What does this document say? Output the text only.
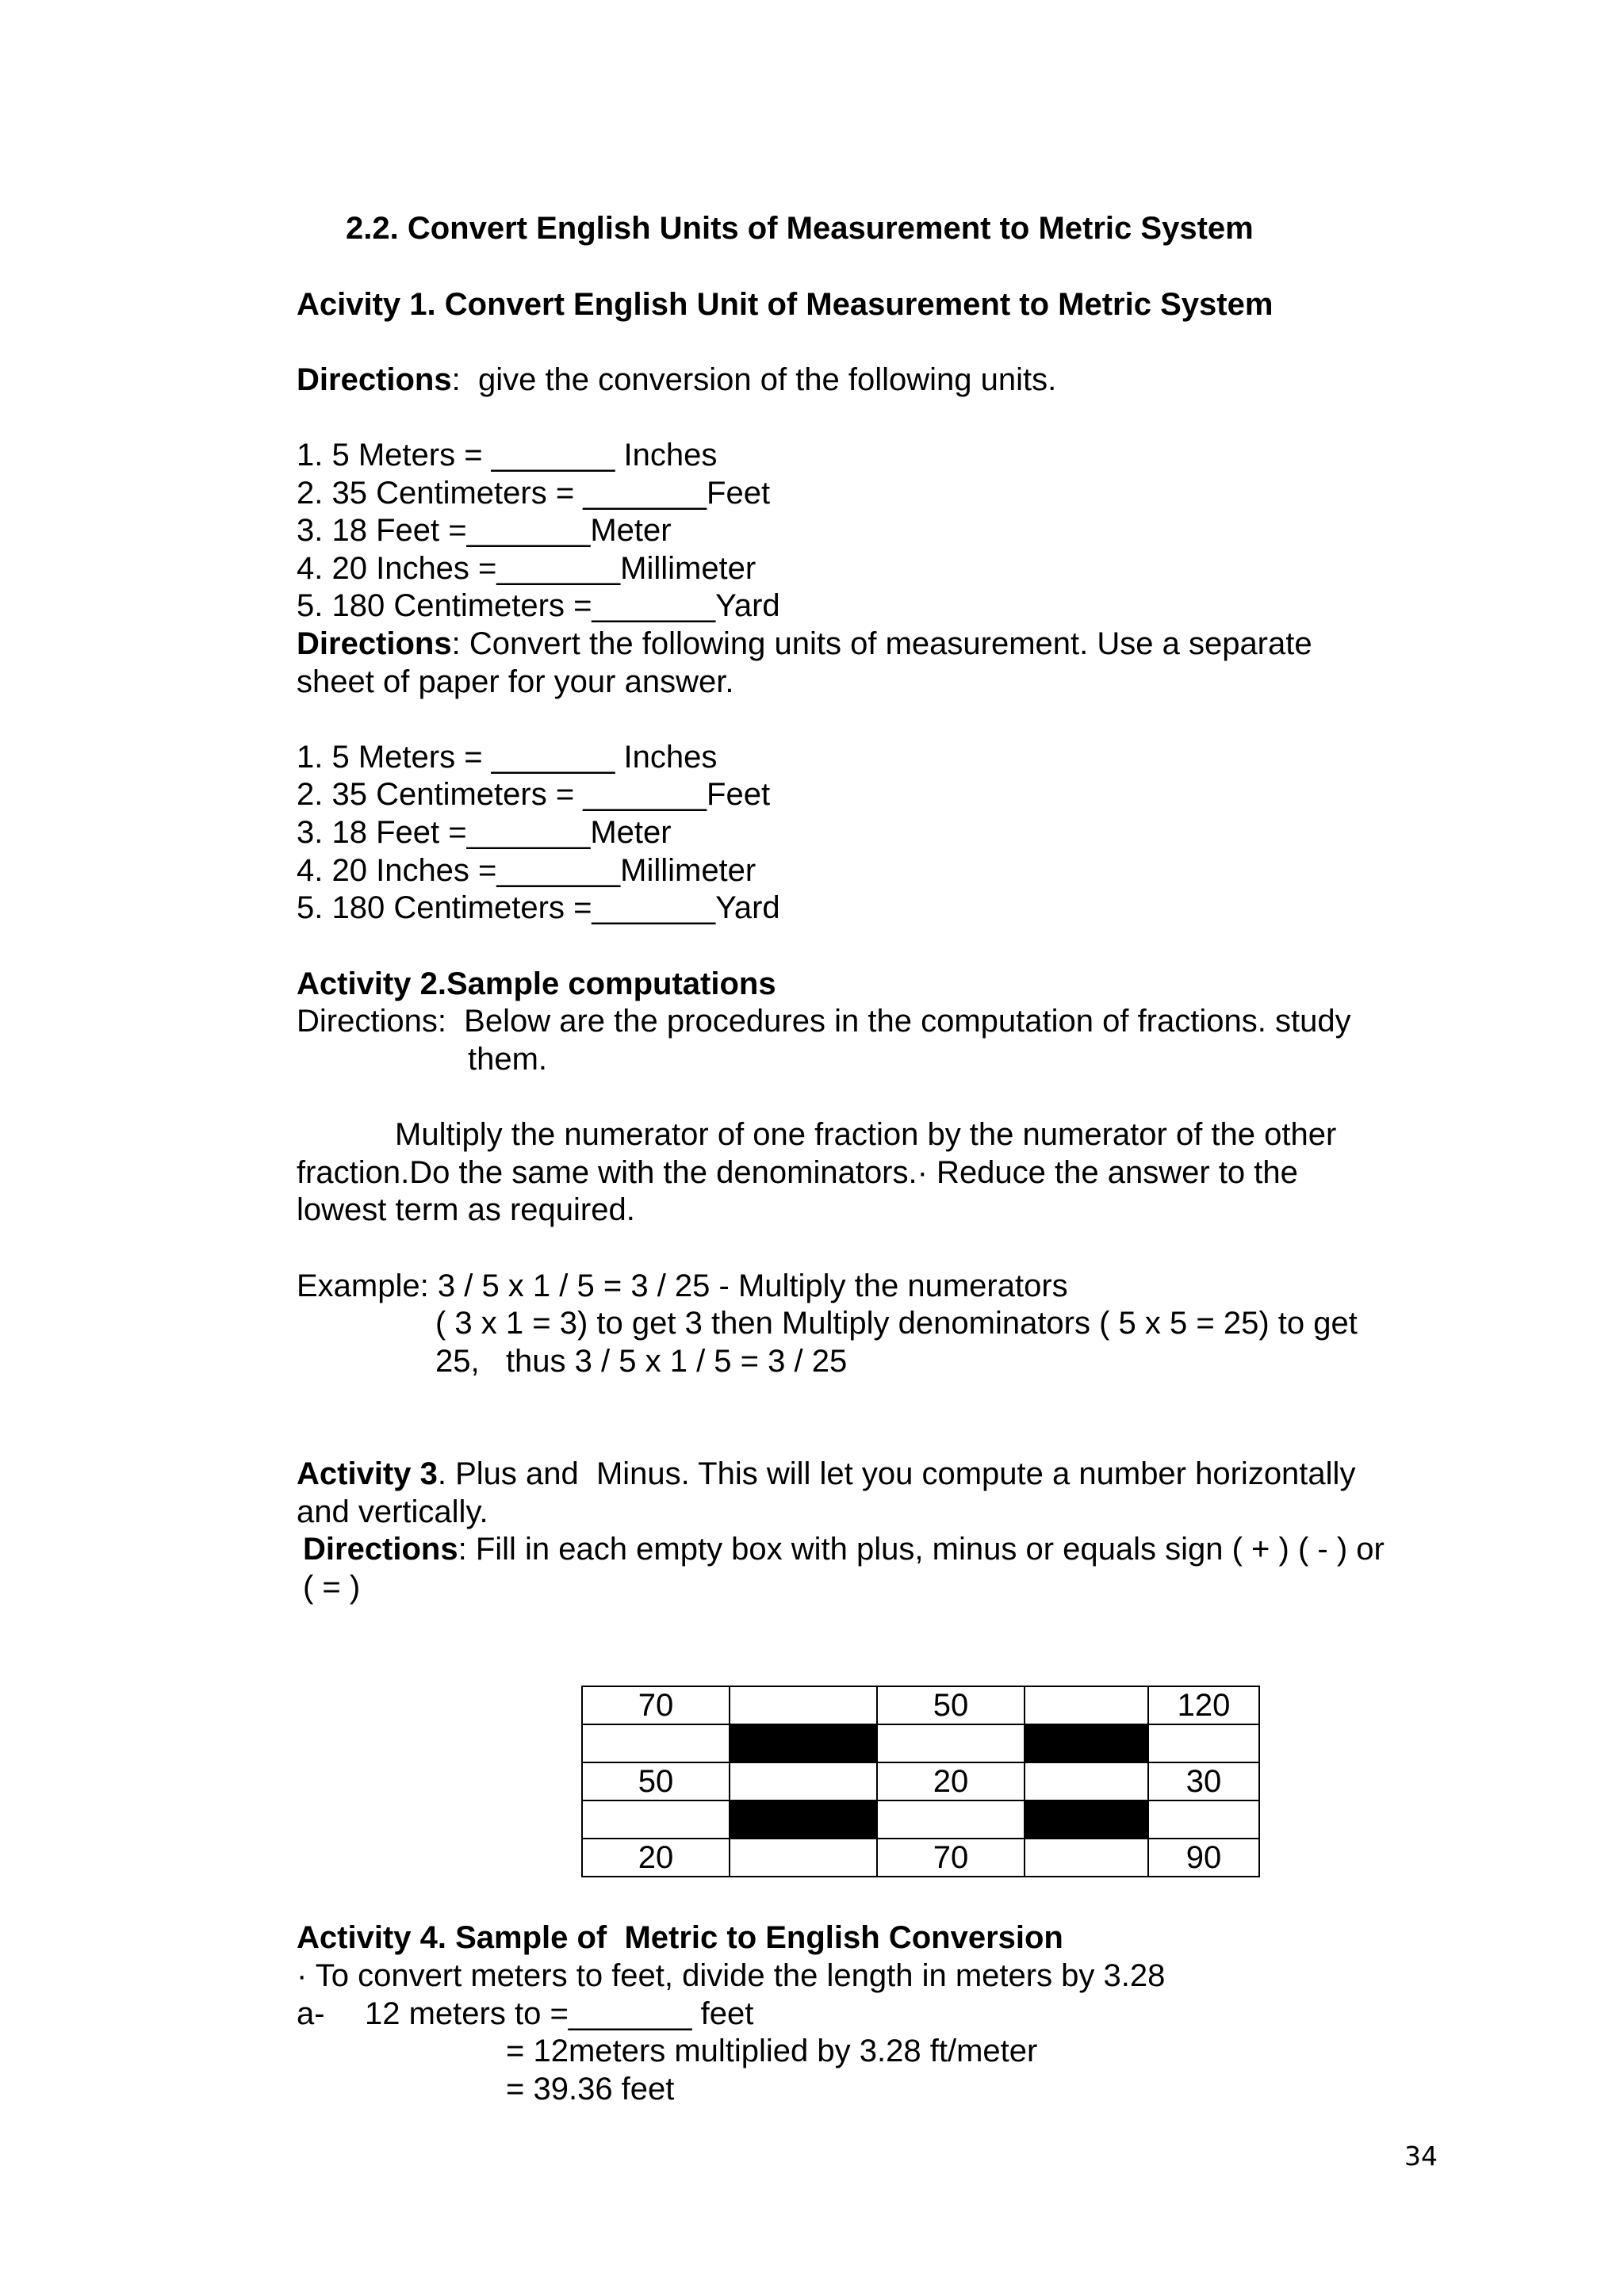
2.2. Convert English Units of Measurement to Metric System
Acivity 1. Convert English Unit of Measurement to Metric System
Directions:  give the conversion of the following units.
1. 5 Meters = _______ Inches
2. 35 Centimeters = _______Feet
3. 18 Feet =_______Meter
4. 20 Inches =_______Millimeter
5. 180 Centimeters =_______Yard
Directions: Convert the following units of measurement. Use a separate
sheet of paper for your answer.
1. 5 Meters = _______ Inches
2. 35 Centimeters = _______Feet
3. 18 Feet =_______Meter
4. 20 Inches =_______Millimeter
5. 180 Centimeters =_______Yard
Activity 2.Sample computations
Directions:  Below are the procedures in the computation of fractions. study
them.
Multiply the numerator of one fraction by the numerator of the other
fraction.Do the same with the denominators.· Reduce the answer to the
lowest term as required.
Example: 3 / 5 x 1 / 5 = 3 / 25 - Multiply the numerators
( 3 x 1 = 3) to get 3 then Multiply denominators ( 5 x 5 = 25) to get
25,   thus 3 / 5 x 1 / 5 = 3 / 25
Activity 3. Plus and  Minus. This will let you compute a number horizontally
and vertically.
Directions: Fill in each empty box with plus, minus or equals sign ( + ) ( - ) or
( = )
70		50		120

50		20		30

20		70		90
Activity 4. Sample of  Metric to English Conversion
· To convert meters to feet, divide the length in meters by 3.28
a- 12 meters to =_______ feet
= 12meters multiplied by 3.28 ft/meter
= 39.36 feet
34
